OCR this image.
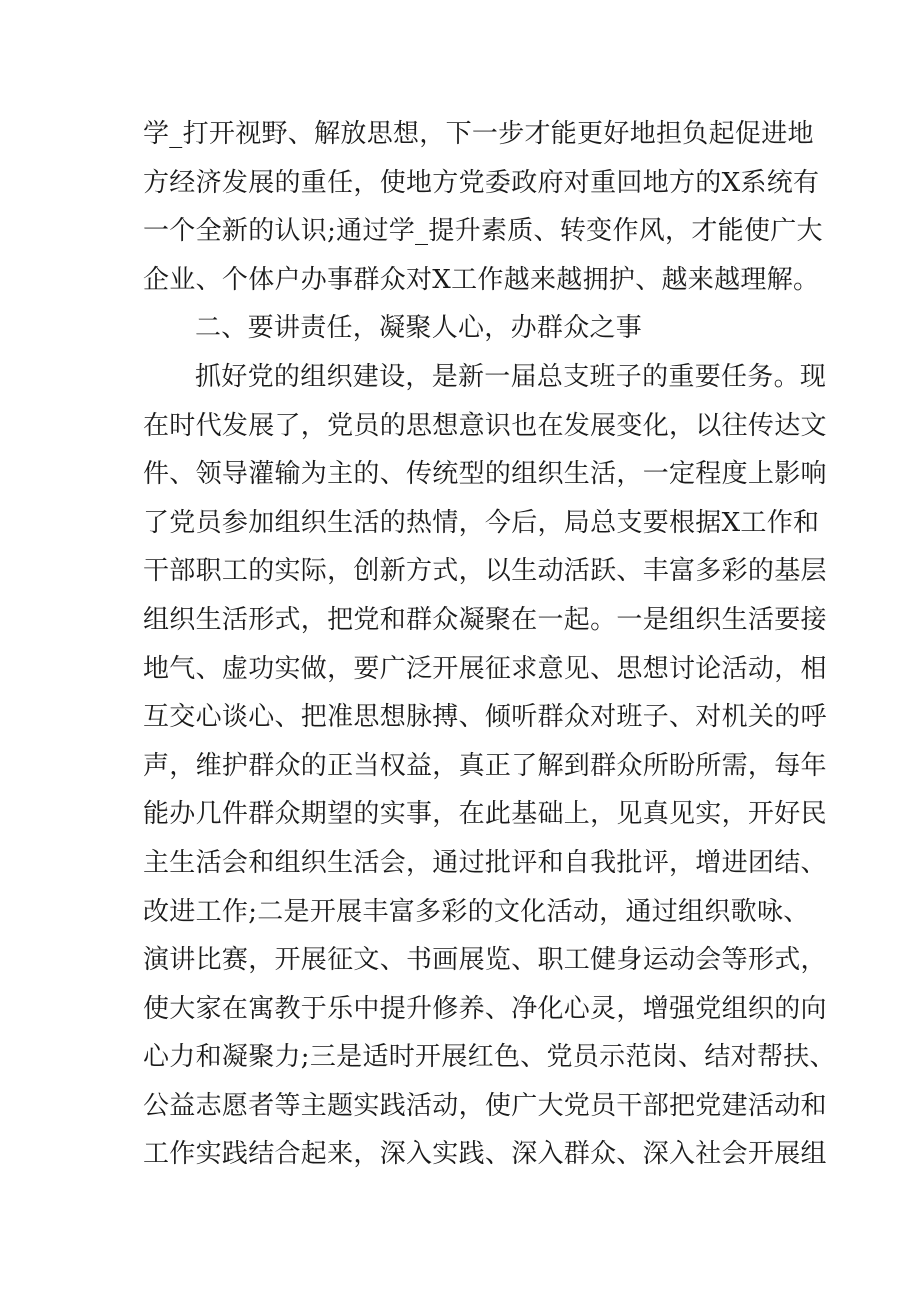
学_打开视野、解放思想，下一步才能更好地担负起促进地
方经济发展的重任，使地方党委政府对重回地方的X系统有
一个全新的认识;通过学_提升素质、转变作风，才能使广大
企业、个体户办事群众对X工作越来越拥护、越来越理解。
二、要讲责任，凝聚人心，办群众之事
抓好党的组织建设，是新一届总支班子的重要任务。现
在时代发展了，党员的思想意识也在发展变化，以往传达文
件、领导灌输为主的、传统型的组织生活，一定程度上影响
了党员参加组织生活的热情，今后，局总支要根据X工作和
干部职工的实际，创新方式，以生动活跃、丰富多彩的基层
组织生活形式，把党和群众凝聚在一起。一是组织生活要接
地气、虚功实做，要广泛开展征求意见、思想讨论活动，相
互交心谈心、把准思想脉搏、倾听群众对班子、对机关的呼
声，维护群众的正当权益，真正了解到群众所盼所需，每年
能办几件群众期望的实事，在此基础上，见真见实，开好民
主生活会和组织生活会，通过批评和自我批评，增进团结、
改进工作;二是开展丰富多彩的文化活动，通过组织歌咏、
演讲比赛，开展征文、书画展览、职工健身运动会等形式，
使大家在寓教于乐中提升修养、净化心灵，增强党组织的向
心力和凝聚力;三是适时开展红色、党员示范岗、结对帮扶、
公益志愿者等主题实践活动，使广大党员干部把党建活动和
工作实践结合起来，深入实践、深入群众、深入社会开展组
